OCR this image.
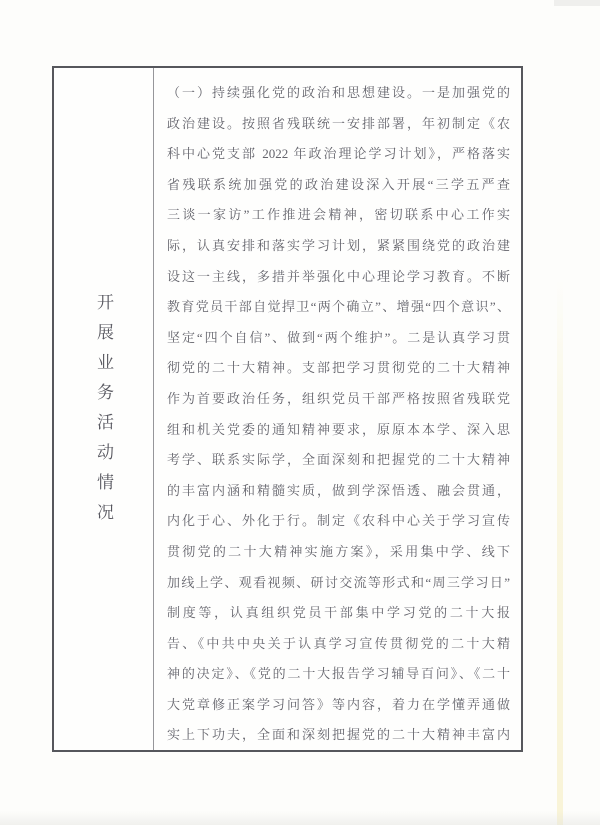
开展业务活动情况
（一）持续强化党的政治和思想建设。一是加强党的
政治建设。按照省残联统一安排部署，年初制定《农
科中心党支部 2022 年政治理论学习计划》，严格落实
省残联系统加强党的政治建设深入开展“三学五严查
三谈一家访”工作推进会精神，密切联系中心工作实
际，认真安排和落实学习计划，紧紧围绕党的政治建
设这一主线，多措并举强化中心理论学习教育。不断
教育党员干部自觉捍卫“两个确立”、增强“四个意识”、
坚定“四个自信”、做到“两个维护”。二是认真学习贯
彻党的二十大精神。支部把学习贯彻党的二十大精神
作为首要政治任务，组织党员干部严格按照省残联党
组和机关党委的通知精神要求，原原本本学、深入思
考学、联系实际学，全面深刻和把握党的二十大精神
的丰富内涵和精髓实质，做到学深悟透、融会贯通，
内化于心、外化于行。制定《农科中心关于学习宣传
贯彻党的二十大精神实施方案》，采用集中学、线下
加线上学、观看视频、研讨交流等形式和“周三学习日”
制度等，认真组织党员干部集中学习党的二十大报
告、《中共中央关于认真学习宣传贯彻党的二十大精
神的决定》、《党的二十大报告学习辅导百问》、《二十
大党章修正案学习问答》等内容，着力在学懂弄通做
实上下功夫，全面和深刻把握党的二十大精神丰富内
